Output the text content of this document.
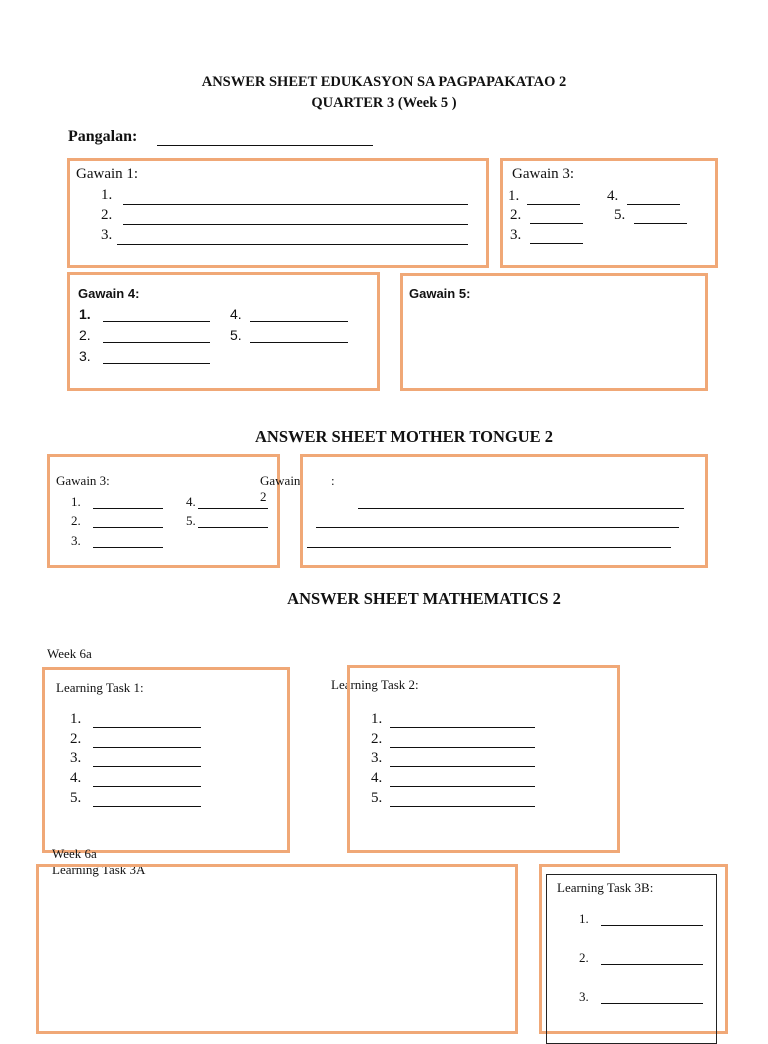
ANSWER SHEET EDUKASYON SA PAGPAPAKATAO 2
QUARTER 3 (Week 5 )
Pangalan:
Gawain 1:
1.
2.
3.
Gawain 3:
1.
2.
3.
4.
5.
Gawain 4:
1.
2.
3.
4.
5.
Gawain 5:
ANSWER SHEET MOTHER TONGUE 2
Gawain 3:
1.
2.
3.
4.
5.
Gawain 2
:
ANSWER SHEET MATHEMATICS 2
Week 6a
Learning Task 1:
1.
2.
3.
4.
5.
Learning Task 2:
1.
2.
3.
4.
5.
Week 6a
Learning Task 3A
Learning Task 3B:
1.
2.
3.
